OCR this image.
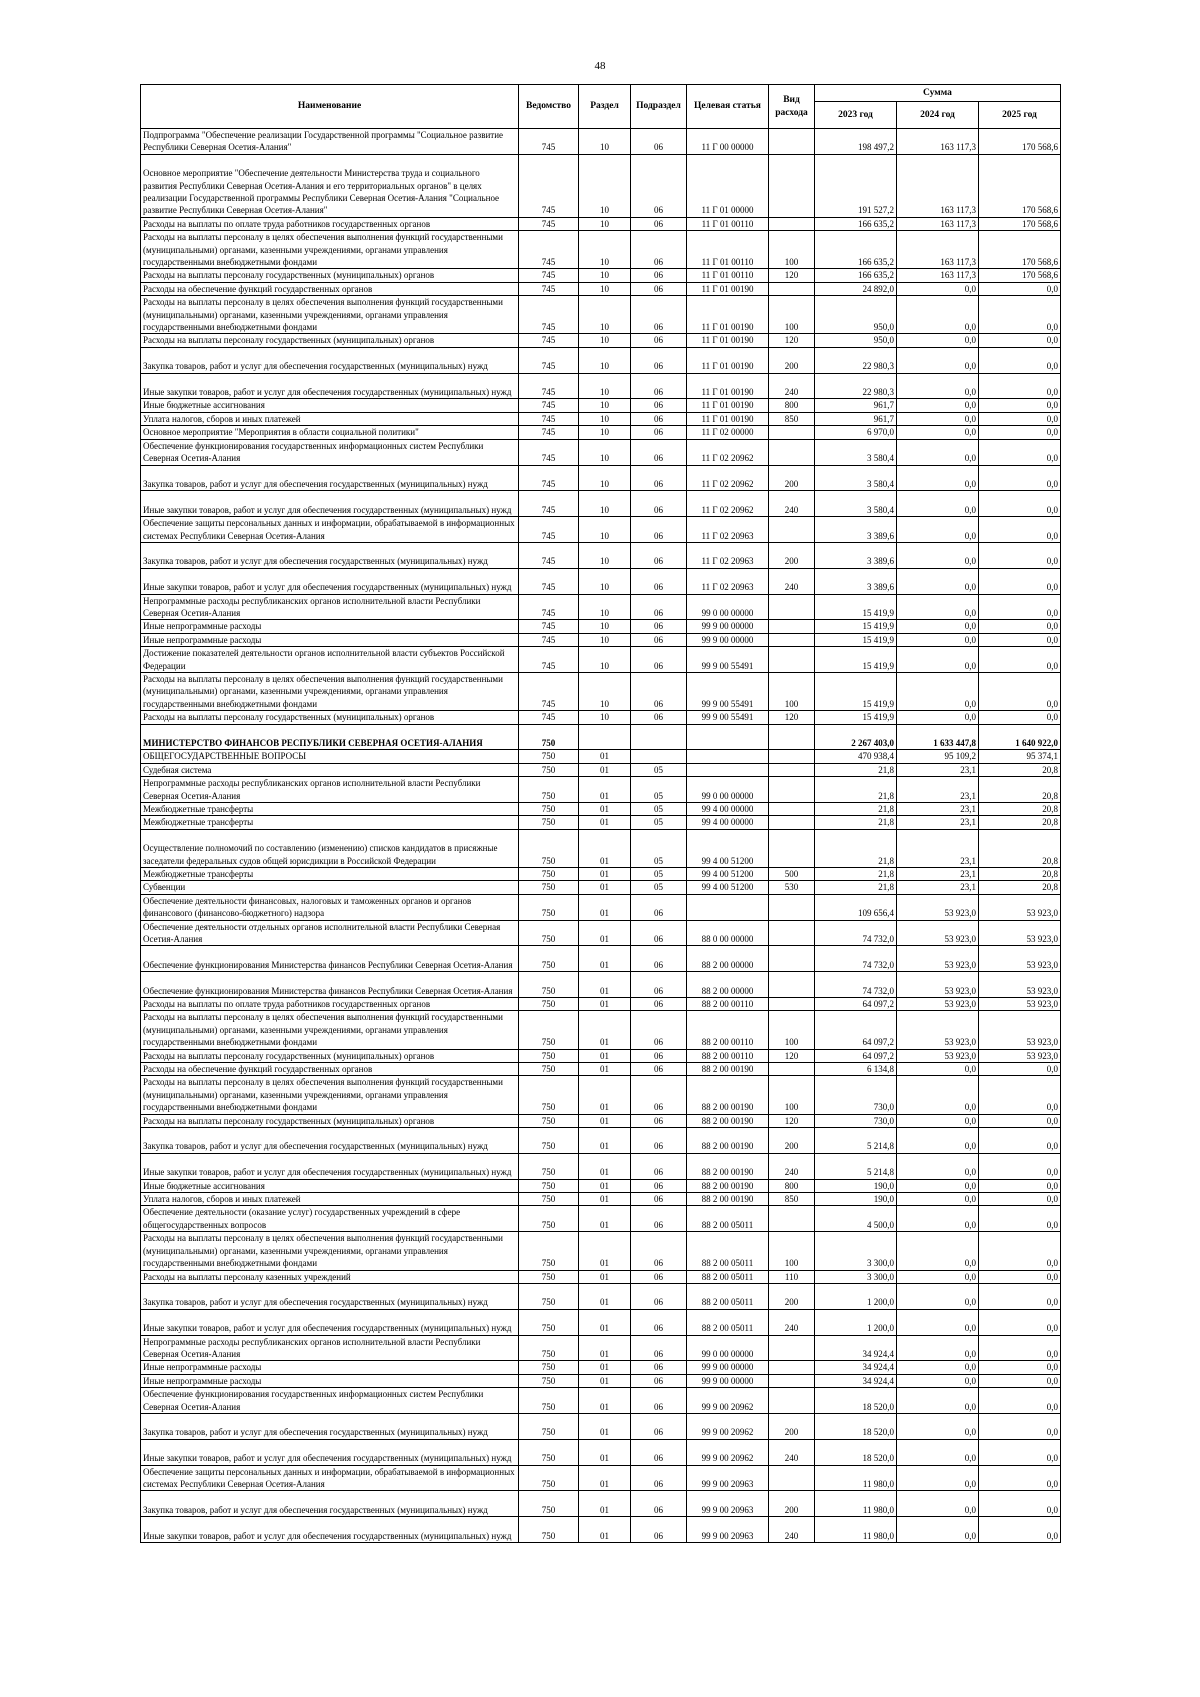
48
Наименование	Ведомство	Раздел	Подраздел	Целевая статья	Вид расхода	Сумма		
						2023 год	2024 год	2025 год
Подпрограмма "Обеспечение реализации Государственной программы "Социальное развитие Республики Северная Осетия-Алания"	745	10	06	11 Г 00 00000		198 497,2	163 117,3	170 568,6
Основное мероприятие "Обеспечение деятельности Министерства труда и социального развития Республики Северная Осетия-Алания и его территориальных органов" в целях реализации Государственной программы Республики Северная Осетия-Алания "Социальное развитие Республики Северная Осетия-Алания"	745	10	06	11 Г 01 00000		191 527,2	163 117,3	170 568,6
Расходы на выплаты по оплате труда работников государственных органов	745	10	06	11 Г 01 00110		166 635,2	163 117,3	170 568,6
Расходы на выплаты персоналу в целях обеспечения выполнения функций государственными (муниципальными) органами, казенными учреждениями, органами управления государственными внебюджетными фондами	745	10	06	11 Г 01 00110	100	166 635,2	163 117,3	170 568,6
Расходы на выплаты персоналу государственных (муниципальных) органов	745	10	06	11 Г 01 00110	120	166 635,2	163 117,3	170 568,6
Расходы на обеспечение функций государственных органов	745	10	06	11 Г 01 00190		24 892,0	0,0	0,0
Расходы на выплаты персоналу в целях обеспечения выполнения функций государственными (муниципальными) органами, казенными учреждениями, органами управления государственными внебюджетными фондами	745	10	06	11 Г 01 00190	100	950,0	0,0	0,0
Расходы на выплаты персоналу государственных (муниципальных) органов	745	10	06	11 Г 01 00190	120	950,0	0,0	0,0
Закупка товаров, работ и услуг для обеспечения государственных (муниципальных) нужд	745	10	06	11 Г 01 00190	200	22 980,3	0,0	0,0
Иные закупки товаров, работ и услуг для обеспечения государственных (муниципальных) нужд	745	10	06	11 Г 01 00190	240	22 980,3	0,0	0,0
Иные бюджетные ассигнования	745	10	06	11 Г 01 00190	800	961,7	0,0	0,0
Уплата налогов, сборов и иных платежей	745	10	06	11 Г 01 00190	850	961,7	0,0	0,0
Основное мероприятие "Мероприятия в области социальной политики"	745	10	06	11 Г 02 00000		6 970,0	0,0	0,0
Обеспечение функционирования государственных информационных систем Республики Северная Осетия-Алания	745	10	06	11 Г 02 20962		3 580,4	0,0	0,0
Закупка товаров, работ и услуг для обеспечения государственных (муниципальных) нужд	745	10	06	11 Г 02 20962	200	3 580,4	0,0	0,0
Иные закупки товаров, работ и услуг для обеспечения государственных (муниципальных) нужд	745	10	06	11 Г 02 20962	240	3 580,4	0,0	0,0
Обеспечение защиты персональных данных и информации, обрабатываемой в информационных системах Республики Северная Осетия-Алания	745	10	06	11 Г 02 20963		3 389,6	0,0	0,0
Закупка товаров, работ и услуг для обеспечения государственных (муниципальных) нужд	745	10	06	11 Г 02 20963	200	3 389,6	0,0	0,0
Иные закупки товаров, работ и услуг для обеспечения государственных (муниципальных) нужд	745	10	06	11 Г 02 20963	240	3 389,6	0,0	0,0
Непрограммные расходы республиканских органов исполнительной власти Республики Северная Осетия-Алания	745	10	06	99 0 00 00000		15 419,9	0,0	0,0
Иные непрограммные расходы	745	10	06	99 9 00 00000		15 419,9	0,0	0,0
Иные непрограммные расходы	745	10	06	99 9 00 00000		15 419,9	0,0	0,0
Достижение показателей деятельности органов исполнительной власти субъектов Российской Федерации	745	10	06	99 9 00 55491		15 419,9	0,0	0,0
Расходы на выплаты персоналу в целях обеспечения выполнения функций государственными (муниципальными) органами, казенными учреждениями, органами управления государственными внебюджетными фондами	745	10	06	99 9 00 55491	100	15 419,9	0,0	0,0
Расходы на выплаты персоналу государственных (муниципальных) органов	745	10	06	99 9 00 55491	120	15 419,9	0,0	0,0
МИНИСТЕРСТВО ФИНАНСОВ РЕСПУБЛИКИ СЕВЕРНАЯ ОСЕТИЯ-АЛАНИЯ	750					2 267 403,0	1 633 447,8	1 640 922,0
ОБЩЕГОСУДАРСТВЕННЫЕ ВОПРОСЫ	750	01				470 938,4	95 109,2	95 374,1
Судебная система	750	01	05			21,8	23,1	20,8
Непрограммные расходы республиканских органов исполнительной власти Республики Северная Осетия-Алания	750	01	05	99 0 00 00000		21,8	23,1	20,8
Межбюджетные трансферты	750	01	05	99 4 00 00000		21,8	23,1	20,8
Межбюджетные трансферты	750	01	05	99 4 00 00000		21,8	23,1	20,8
Осуществление полномочий по составлению (изменению) списков кандидатов в присяжные заседатели федеральных судов общей юрисдикции в Российской Федерации	750	01	05	99 4 00 51200		21,8	23,1	20,8
Межбюджетные трансферты	750	01	05	99 4 00 51200	500	21,8	23,1	20,8
Субвенции	750	01	05	99 4 00 51200	530	21,8	23,1	20,8
Обеспечение деятельности финансовых, налоговых и таможенных органов и органов финансового (финансово-бюджетного) надзора	750	01	06			109 656,4	53 923,0	53 923,0
Обеспечение деятельности отдельных органов исполнительной власти Республики Северная Осетия-Алания	750	01	06	88 0 00 00000		74 732,0	53 923,0	53 923,0
Обеспечение функционирования Министерства финансов Республики Северная Осетия-Алания	750	01	06	88 2 00 00000		74 732,0	53 923,0	53 923,0
Обеспечение функционирования Министерства финансов Республики Северная Осетия-Алания	750	01	06	88 2 00 00000		74 732,0	53 923,0	53 923,0
Расходы на выплаты по оплате труда работников государственных органов	750	01	06	88 2 00 00110		64 097,2	53 923,0	53 923,0
Расходы на выплаты персоналу в целях обеспечения выполнения функций государственными (муниципальными) органами, казенными учреждениями, органами управления государственными внебюджетными фондами	750	01	06	88 2 00 00110	100	64 097,2	53 923,0	53 923,0
Расходы на выплаты персоналу государственных (муниципальных) органов	750	01	06	88 2 00 00110	120	64 097,2	53 923,0	53 923,0
Расходы на обеспечение функций государственных органов	750	01	06	88 2 00 00190		6 134,8	0,0	0,0
Расходы на выплаты персоналу в целях обеспечения выполнения функций государственными (муниципальными) органами, казенными учреждениями, органами управления государственными внебюджетными фондами	750	01	06	88 2 00 00190	100	730,0	0,0	0,0
Расходы на выплаты персоналу государственных (муниципальных) органов	750	01	06	88 2 00 00190	120	730,0	0,0	0,0
Закупка товаров, работ и услуг для обеспечения государственных (муниципальных) нужд	750	01	06	88 2 00 00190	200	5 214,8	0,0	0,0
Иные закупки товаров, работ и услуг для обеспечения государственных (муниципальных) нужд	750	01	06	88 2 00 00190	240	5 214,8	0,0	0,0
Иные бюджетные ассигнования	750	01	06	88 2 00 00190	800	190,0	0,0	0,0
Уплата налогов, сборов и иных платежей	750	01	06	88 2 00 00190	850	190,0	0,0	0,0
Обеспечение деятельности (оказание услуг) государственных учреждений в сфере общегосударственных вопросов	750	01	06	88 2 00 05011		4 500,0	0,0	0,0
Расходы на выплаты персоналу в целях обеспечения выполнения функций государственными (муниципальными) органами, казенными учреждениями, органами управления государственными внебюджетными фондами	750	01	06	88 2 00 05011	100	3 300,0	0,0	0,0
Расходы на выплаты персоналу казенных учреждений	750	01	06	88 2 00 05011	110	3 300,0	0,0	0,0
Закупка товаров, работ и услуг для обеспечения государственных (муниципальных) нужд	750	01	06	88 2 00 05011	200	1 200,0	0,0	0,0
Иные закупки товаров, работ и услуг для обеспечения государственных (муниципальных) нужд	750	01	06	88 2 00 05011	240	1 200,0	0,0	0,0
Непрограммные расходы республиканских органов исполнительной власти Республики Северная Осетия-Алания	750	01	06	99 0 00 00000		34 924,4	0,0	0,0
Иные непрограммные расходы	750	01	06	99 9 00 00000		34 924,4	0,0	0,0
Иные непрограммные расходы	750	01	06	99 9 00 00000		34 924,4	0,0	0,0
Обеспечение функционирования государственных информационных систем Республики Северная Осетия-Алания	750	01	06	99 9 00 20962		18 520,0	0,0	0,0
Закупка товаров, работ и услуг для обеспечения государственных (муниципальных) нужд	750	01	06	99 9 00 20962	200	18 520,0	0,0	0,0
Иные закупки товаров, работ и услуг для обеспечения государственных (муниципальных) нужд	750	01	06	99 9 00 20962	240	18 520,0	0,0	0,0
Обеспечение защиты персональных данных и информации, обрабатываемой в информационных системах Республики Северная Осетия-Алания	750	01	06	99 9 00 20963		11 980,0	0,0	0,0
Закупка товаров, работ и услуг для обеспечения государственных (муниципальных) нужд	750	01	06	99 9 00 20963	200	11 980,0	0,0	0,0
Иные закупки товаров, работ и услуг для обеспечения государственных (муниципальных) нужд	750	01	06	99 9 00 20963	240	11 980,0	0,0	0,0
